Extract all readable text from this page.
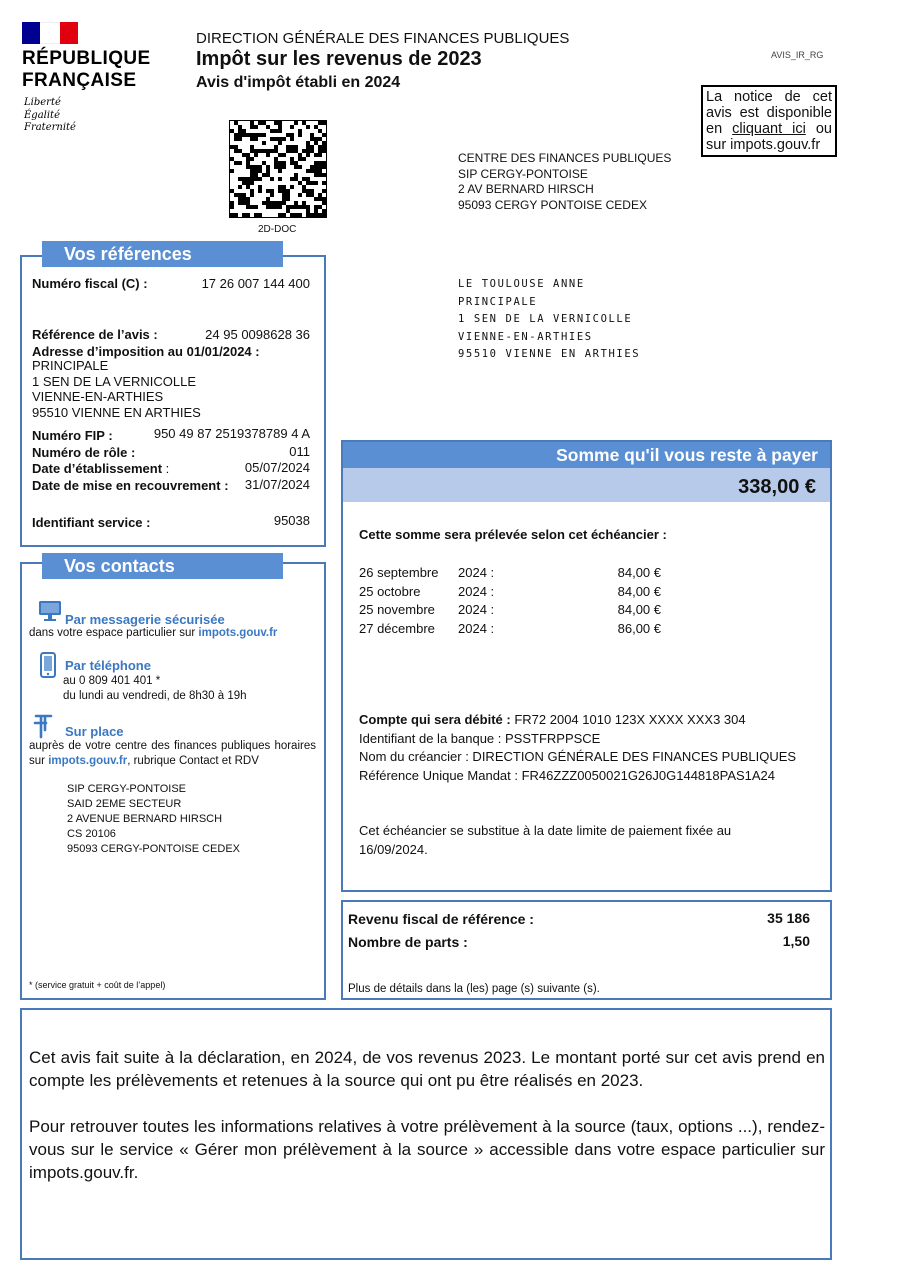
RÉPUBLIQUE
FRANÇAISE
Liberté
Égalité
Fraternité
DIRECTION GÉNÉRALE DES FINANCES PUBLIQUES
Impôt sur les revenus de 2023
Avis d'impôt établi en 2024
AVIS_IR_RG
La notice de cet avis est disponible en cliquant ici ou sur impots.gouv.fr
2D-DOC
CENTRE DES FINANCES PUBLIQUES
SIP CERGY-PONTOISE
2 AV BERNARD HIRSCH
95093 CERGY PONTOISE CEDEX
LE TOULOUSE ANNE
PRINCIPALE
1 SEN DE LA VERNICOLLE
VIENNE-EN-ARTHIES
95510 VIENNE EN ARTHIES
Vos références
Numéro fiscal (C) :	17 26 007 144 400
Référence de l’avis :	24 95 0098628 36
Adresse d’imposition au 01/01/2024 :
PRINCIPALE
1 SEN DE LA VERNICOLLE
VIENNE-EN-ARTHIES
95510 VIENNE EN ARTHIES
Numéro FIP :	950 49 87 2519378789 4 A
Numéro de rôle :	011
Date d’établissement :	05/07/2024
Date de mise en recouvrement :	31/07/2024
Identifiant service :	95038
Vos contacts
Par messagerie sécurisée
dans votre espace particulier sur impots.gouv.fr
Par téléphone
au 0 809 401 401 *
du lundi au vendredi, de 8h30 à 19h
Sur place
auprès de votre centre des finances publiques horaires sur impots.gouv.fr, rubrique Contact et RDV
SIP CERGY-PONTOISE
SAID 2EME SECTEUR
2 AVENUE BERNARD HIRSCH
CS 20106
95093 CERGY-PONTOISE CEDEX
* (service gratuit + coût de l’appel)
Somme qu'il vous reste à payer
338,00 €
Cette somme sera prélevée selon cet échéancier :
26 septembre 2024 :	84,00 €
25 octobre	2024 :	84,00 €
25 novembre 2024 :	84,00 €
27 décembre 2024 :	86,00 €
Compte qui sera débité : FR72 2004 1010 123X XXXX XXX3 304
Identifiant de la banque : PSSTFRPPSCE
Nom du créancier : DIRECTION GÉNÉRALE DES FINANCES PUBLIQUES
Référence Unique Mandat : FR46ZZZ0050021G26J0G144818PAS1A24
Cet échéancier se substitue à la date limite de paiement fixée au 16/09/2024.
Revenu fiscal de référence :	35 186
Nombre de parts :	1,50
Plus de détails dans la (les) page (s) suivante (s).
Cet avis fait suite à la déclaration, en 2024, de vos revenus 2023. Le montant porté sur cet avis prend en compte les prélèvements et retenues à la source qui ont pu être réalisés en 2023.
Pour retrouver toutes les informations relatives à votre prélèvement à la source (taux, options ...), rendez-vous sur le service « Gérer mon prélèvement à la source » accessible dans votre espace particulier sur impots.gouv.fr.
